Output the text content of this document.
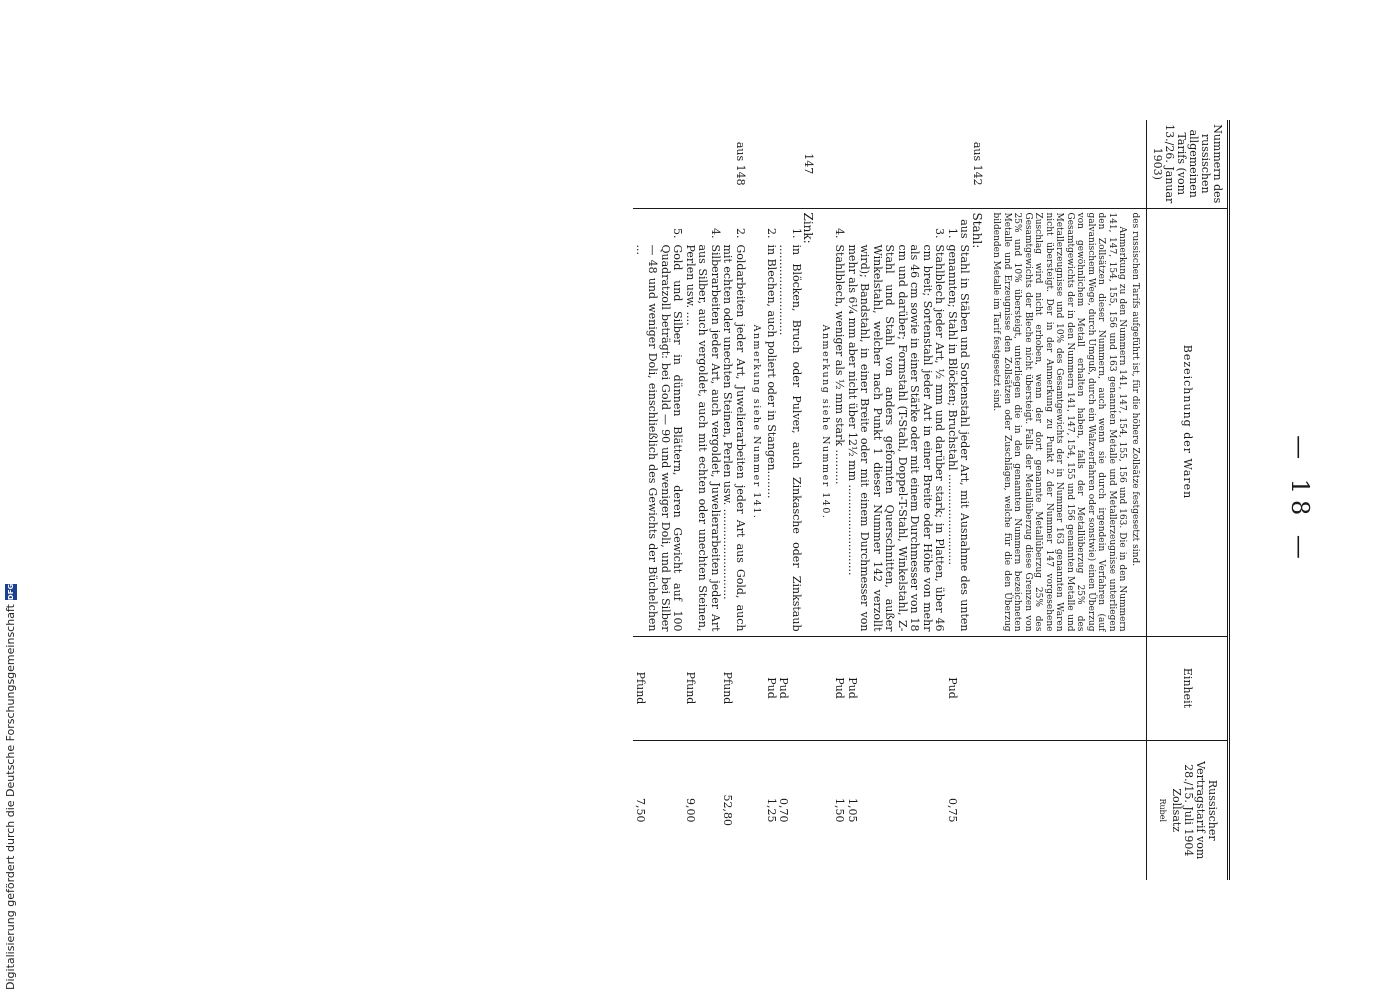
— 18 —
Nummern des russischen allgemeinen Tarifs (vom 13./26. Januar 1903)	Bezeichnung der Waren	Einheit	Russischer Vertragstarif vom 28./15. Juli 1904 Zollsatz
Rubel

	des russischen Tarifs aufgeführt ist, für die höhere Zollsätze festgesetzt sind.
Anmerkung zu den Nummern 141, 147, 154, 155, 156 und 163. Die in den Nummern 141, 147, 154, 155, 156 und 163 genannten Metalle und Metallerzeugnisse unterliegen den Zollsätzen dieser Nummern, auch wenn sie durch irgendein Verfahren (auf galvanischem Wege, durch Umguß, durch ein Walzverfahren oder sonstwie) einen Überzug von gewöhnlichem Metall erhalten haben, falls der Metallüberzug 25% des Gesamtgewichts der in den Nummern 141, 147, 154, 155 und 156 genannten Metalle und Metallerzeugnisse und 10% des Gesamtgewichts der in Nummer 163 genannten Waren nicht übersteigt. Der in der Anmerkung zu Punkt 2 der Nummer 147 vorgesehene Zuschlag wird nicht erhoben, wenn der dort genannte Metallüberzug 25% des Gesamtgewichts der Bleche nicht übersteigt. Falls der Metallüberzug diese Grenzen von 25% und 10% übersteigt, unterliegen die in den genannten Nummern bezeichneten Metalle und Erzeugnisse den Zollsätzen oder Zuschlägen, welche für die den Überzug bildenden Metalle im Tarif festgesetzt sind.		

aus 142	Stahl:		

	aus 1.
Stahl in Stäben und Sortenstahl jeder Art, mit Ausnahme des unten genannten; Stahl in Blöcken; Bruchstahl ..........................	Pud	0,75

	3.
Stahlblech jeder Art, ½ mm und darüber stark; in Platten, über 46 cm breit; Sortenstahl jeder Art in einer Breite oder Höhe von mehr als 46 cm sowie in einer Stärke oder mit einem Durchmesser von 18 cm und darüber; Formstahl (T-Stahl, Doppel-T-Stahl, Winkelstahl, Z-Stahl und Stahl von anders geformten Querschnitten, außer Winkelstahl, welcher nach Punkt 1 dieser Nummer 142 verzollt wird); Bandstahl, in einer Breite oder mit einem Durchmesser von mehr als 6¼ mm aber nicht über 12½ mm ..........................	Pud	1,05

	4.
Stahlblech, weniger als ½ mm stark ..........	Pud	1,50

	Anmerkung siehe Nummer 140.		

147	Zink:		

	1.
in Blöcken, Bruch oder Pulver, auch Zinkasche oder Zinkstaub ..........................	Pud	0,70

	2.
in Blechen, auch poliert oder in Stangen........	Pud	1,25

	Anmerkung siehe Nummer 141.		

aus 148	2.
Goldarbeiten jeder Art, Juwelierarbeiten jeder Art aus Gold, auch mit echten oder unechten Steinen, Perlen usw. ..........................	Pfund	52,80

	4.
Silberarbeiten jeder Art, auch vergoldet, Juwelierarbeiten jeder Art aus Silber, auch vergoldet, auch mit echten oder unechten Steinen, Perlen usw. ....	Pfund	9,00

	5.
Gold und Silber in dünnen Blättern, deren Gewicht auf 100 Quadratzoll beträgt: bei Gold — 90 und weniger Doli, und bei Silber — 48 und weniger Doli, einschließlich des Gewichts der Büchelchen ...	Pfund	7,50
Digitalisierung gefördert durch die Deutsche Forschungsgemeinschaft
DFG
